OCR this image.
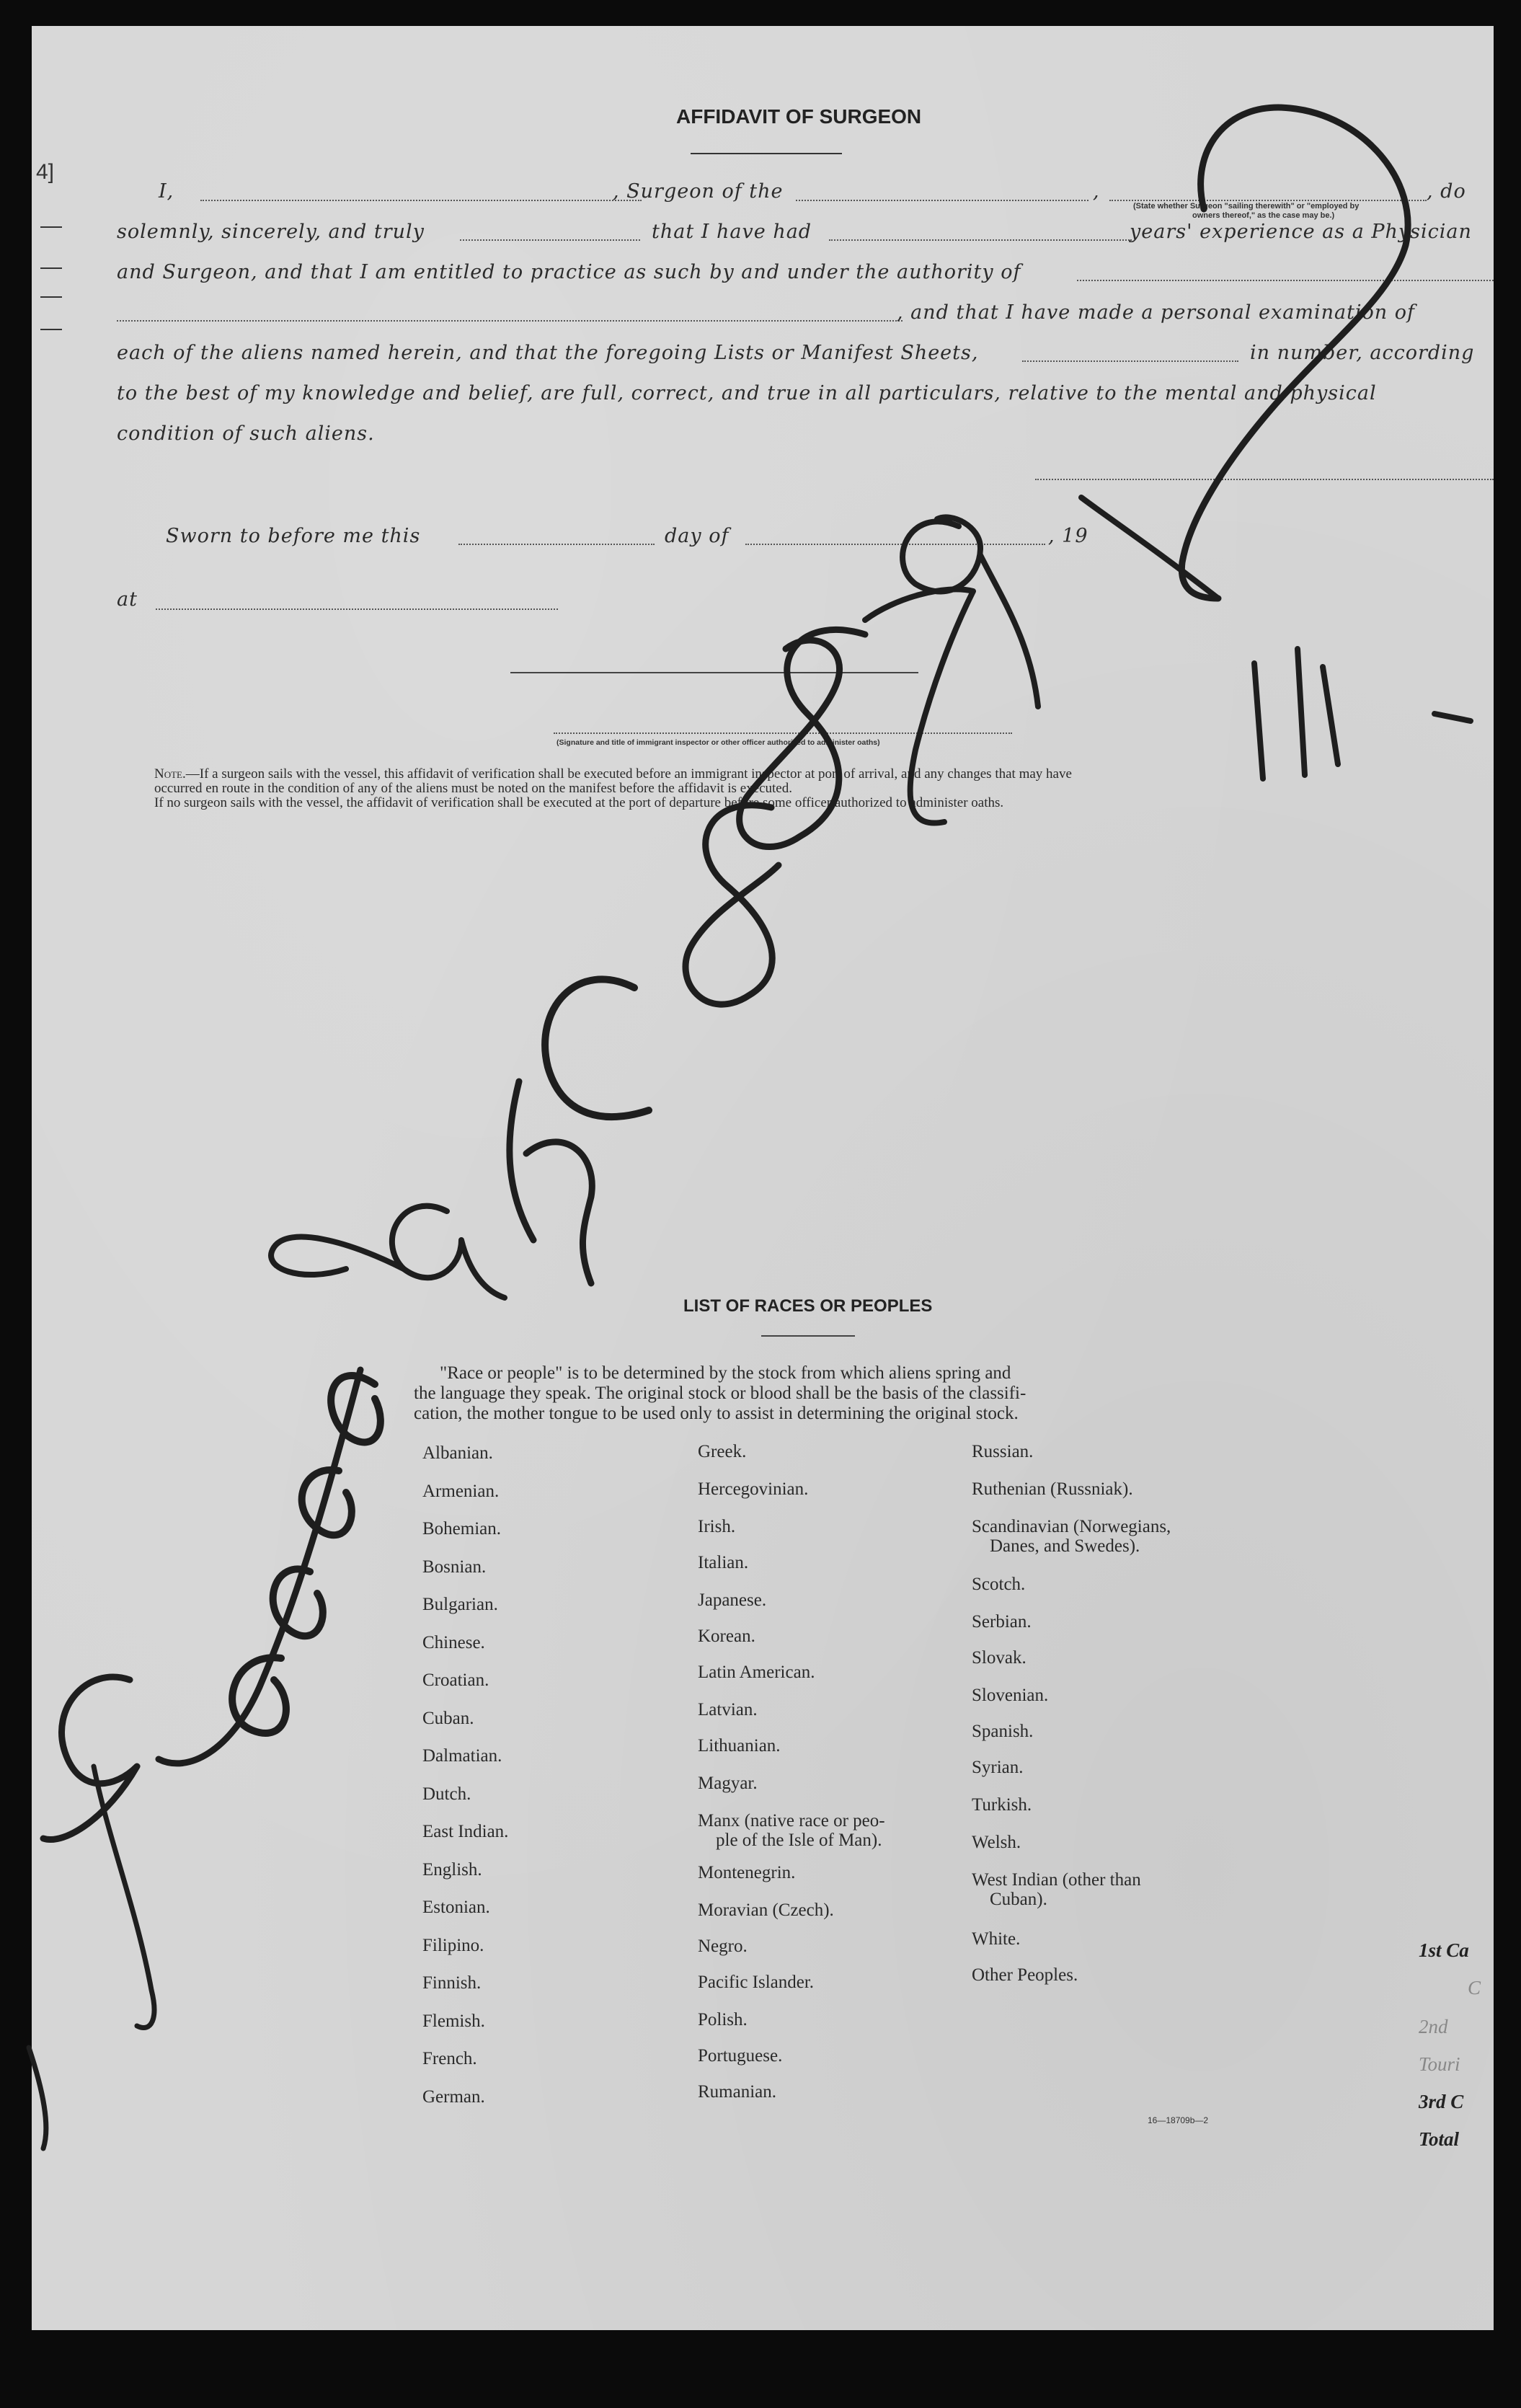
4]
AFFIDAVIT OF SURGEON
I,	, Surgeon of the	,	, do
(State whether Surgeon "sailing therewith" or "employed by
owners thereof," as the case may be.)
solemnly, sincerely, and truly	that I have had	years' experience as a Physician
and Surgeon, and that I am entitled to practice as such by and under the authority of
, and that I have made a personal examination of
each of the aliens named herein, and that the foregoing Lists or Manifest Sheets,	in number, according
to the best of my knowledge and belief, are full, correct, and true in all particulars, relative to the mental and physical
condition of such aliens.
Sworn to before me this	day of	, 19
at
(Signature and title of immigrant inspector or other officer authorized to administer oaths)
Note.—If a surgeon sails with the vessel, this affidavit of verification shall be executed before an immigrant inspector at port of arrival, and any changes that may have
occurred en route in the condition of any of the aliens must be noted on the manifest before the affidavit is executed.
If no surgeon sails with the vessel, the affidavit of verification shall be executed at the port of departure before some officer authorized to administer oaths.
LIST OF RACES OR PEOPLES
"Race or people" is to be determined by the stock from which aliens spring and
the language they speak. The original stock or blood shall be the basis of the classifi-
cation, the mother tongue to be used only to assist in determining the original stock.
Albanian.
Armenian.
Bohemian.
Bosnian.
Bulgarian.
Chinese.
Croatian.
Cuban.
Dalmatian.
Dutch.
East Indian.
English.
Estonian.
Filipino.
Finnish.
Flemish.
French.
German.
Greek.
Hercegovinian.
Irish.
Italian.
Japanese.
Korean.
Latin American.
Latvian.
Lithuanian.
Magyar.
Manx (native race or peo-
ple of the Isle of Man).
Montenegrin.
Moravian (Czech).
Negro.
Pacific Islander.
Polish.
Portuguese.
Rumanian.
Russian.
Ruthenian (Russniak).
Scandinavian (Norwegians,
Danes, and Swedes).
Scotch.
Serbian.
Slovak.
Slovenian.
Spanish.
Syrian.
Turkish.
Welsh.
West Indian (other than
Cuban).
White.
Other Peoples.
16—18709b—2
1st Ca
C
2nd
Touri
3rd C
Total
